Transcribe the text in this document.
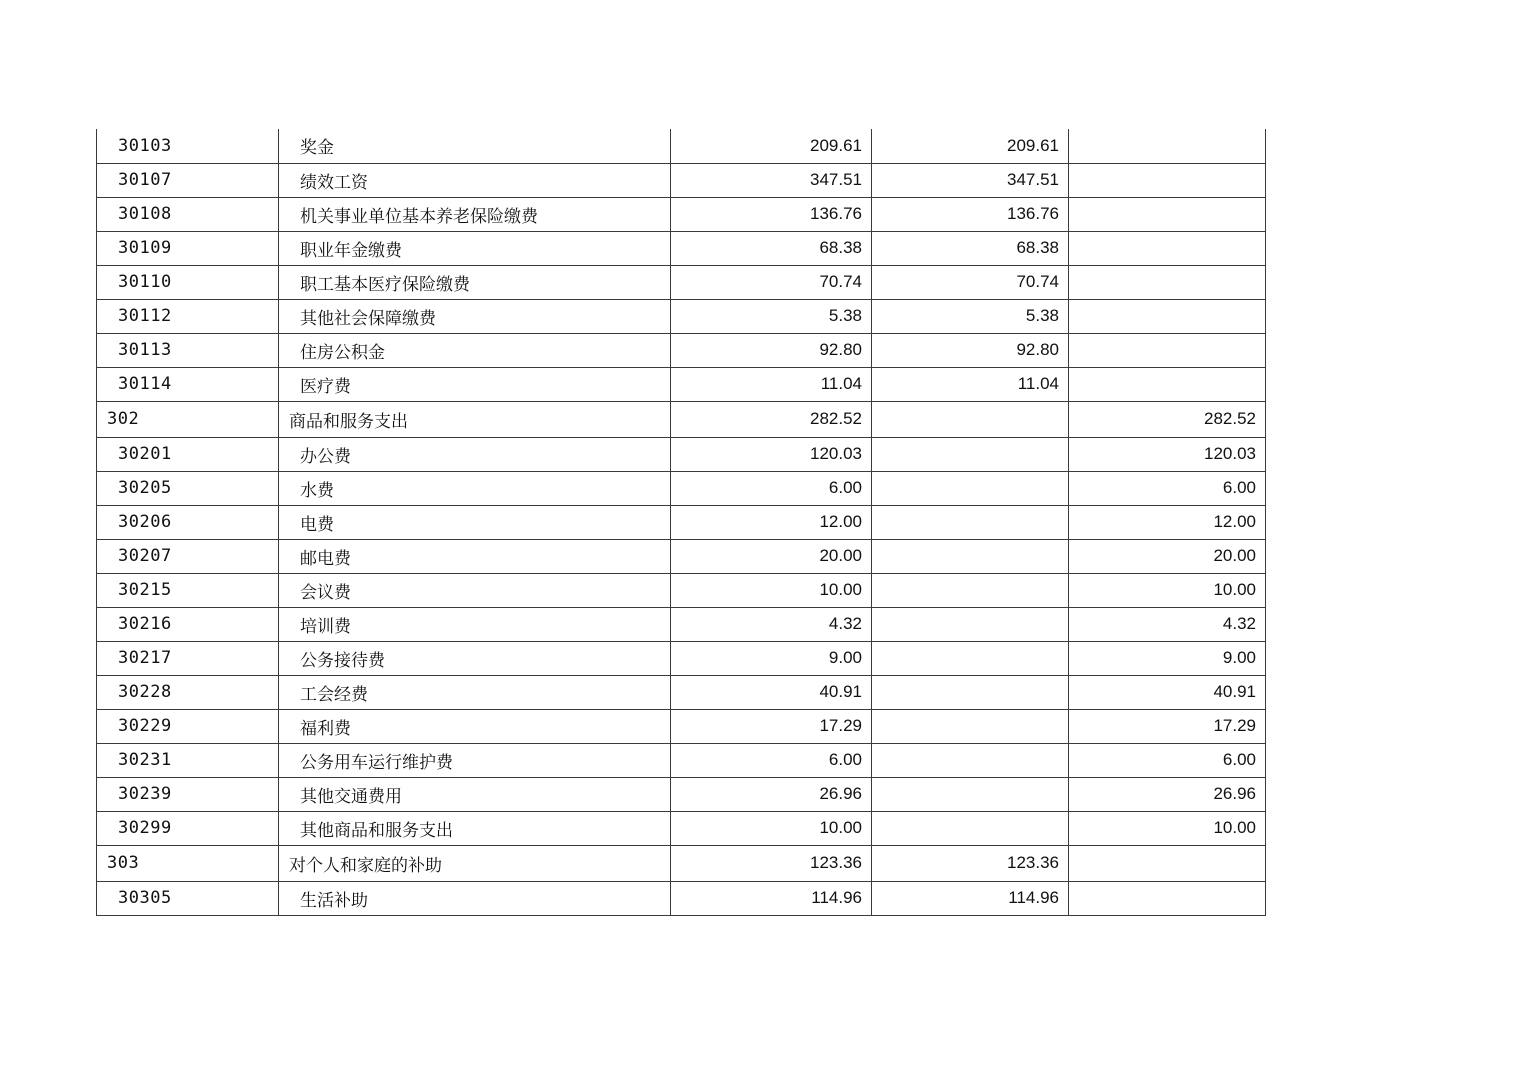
30103	奖金	209.61	209.61	
30107	绩效工资	347.51	347.51	
30108	机关事业单位基本养老保险缴费	136.76	136.76	
30109	职业年金缴费	68.38	68.38	
30110	职工基本医疗保险缴费	70.74	70.74	
30112	其他社会保障缴费	5.38	5.38	
30113	住房公积金	92.80	92.80	
30114	医疗费	11.04	11.04	
302	商品和服务支出	282.52		282.52
30201	办公费	120.03		120.03
30205	水费	6.00		6.00
30206	电费	12.00		12.00
30207	邮电费	20.00		20.00
30215	会议费	10.00		10.00
30216	培训费	4.32		4.32
30217	公务接待费	9.00		9.00
30228	工会经费	40.91		40.91
30229	福利费	17.29		17.29
30231	公务用车运行维护费	6.00		6.00
30239	其他交通费用	26.96		26.96
30299	其他商品和服务支出	10.00		10.00
303	对个人和家庭的补助	123.36	123.36	
30305	生活补助	114.96	114.96	
